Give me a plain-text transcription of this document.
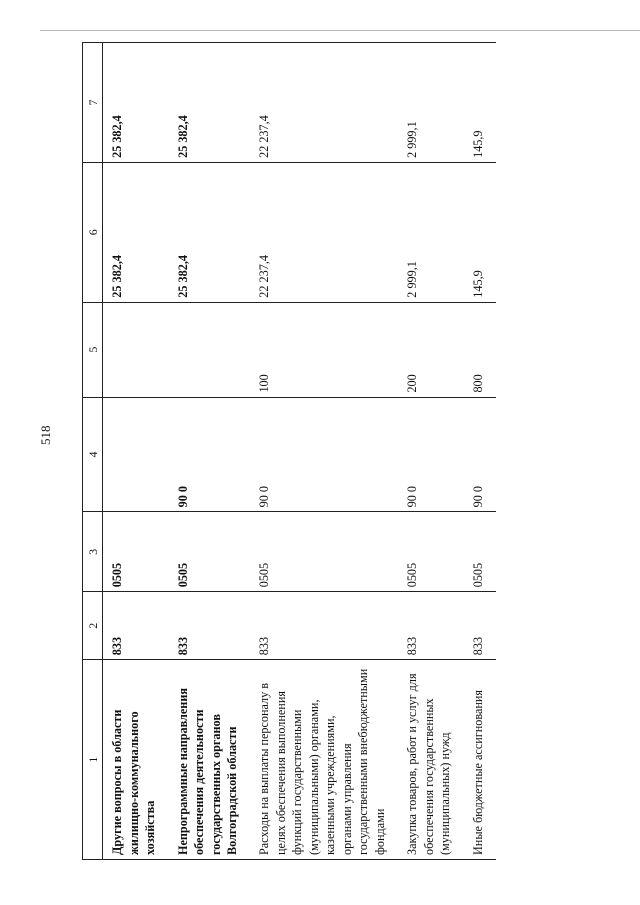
518
1	2	3	4	5	6	7
Другие вопросы в области жилищно-коммунального хозяйства	833	0505			25 382,4	25 382,4
Непрограммные направления обеспечения деятельности государственных органов Волгоградской области	833	0505	90 0		25 382,4	25 382,4
Расходы на выплаты персоналу в целях обеспечения выполнения функций государственными (муниципальными) органами, казенными учреждениями, органами управления государственными внебюджетными фондами	833	0505	90 0	100	22 237,4	22 237,4
Закупка товаров, работ и услуг для обеспечения государственных (муниципальных) нужд	833	0505	90 0	200	2 999,1	2 999,1
Иные бюджетные ассигнования	833	0505	90 0	800	145,9	145,9
